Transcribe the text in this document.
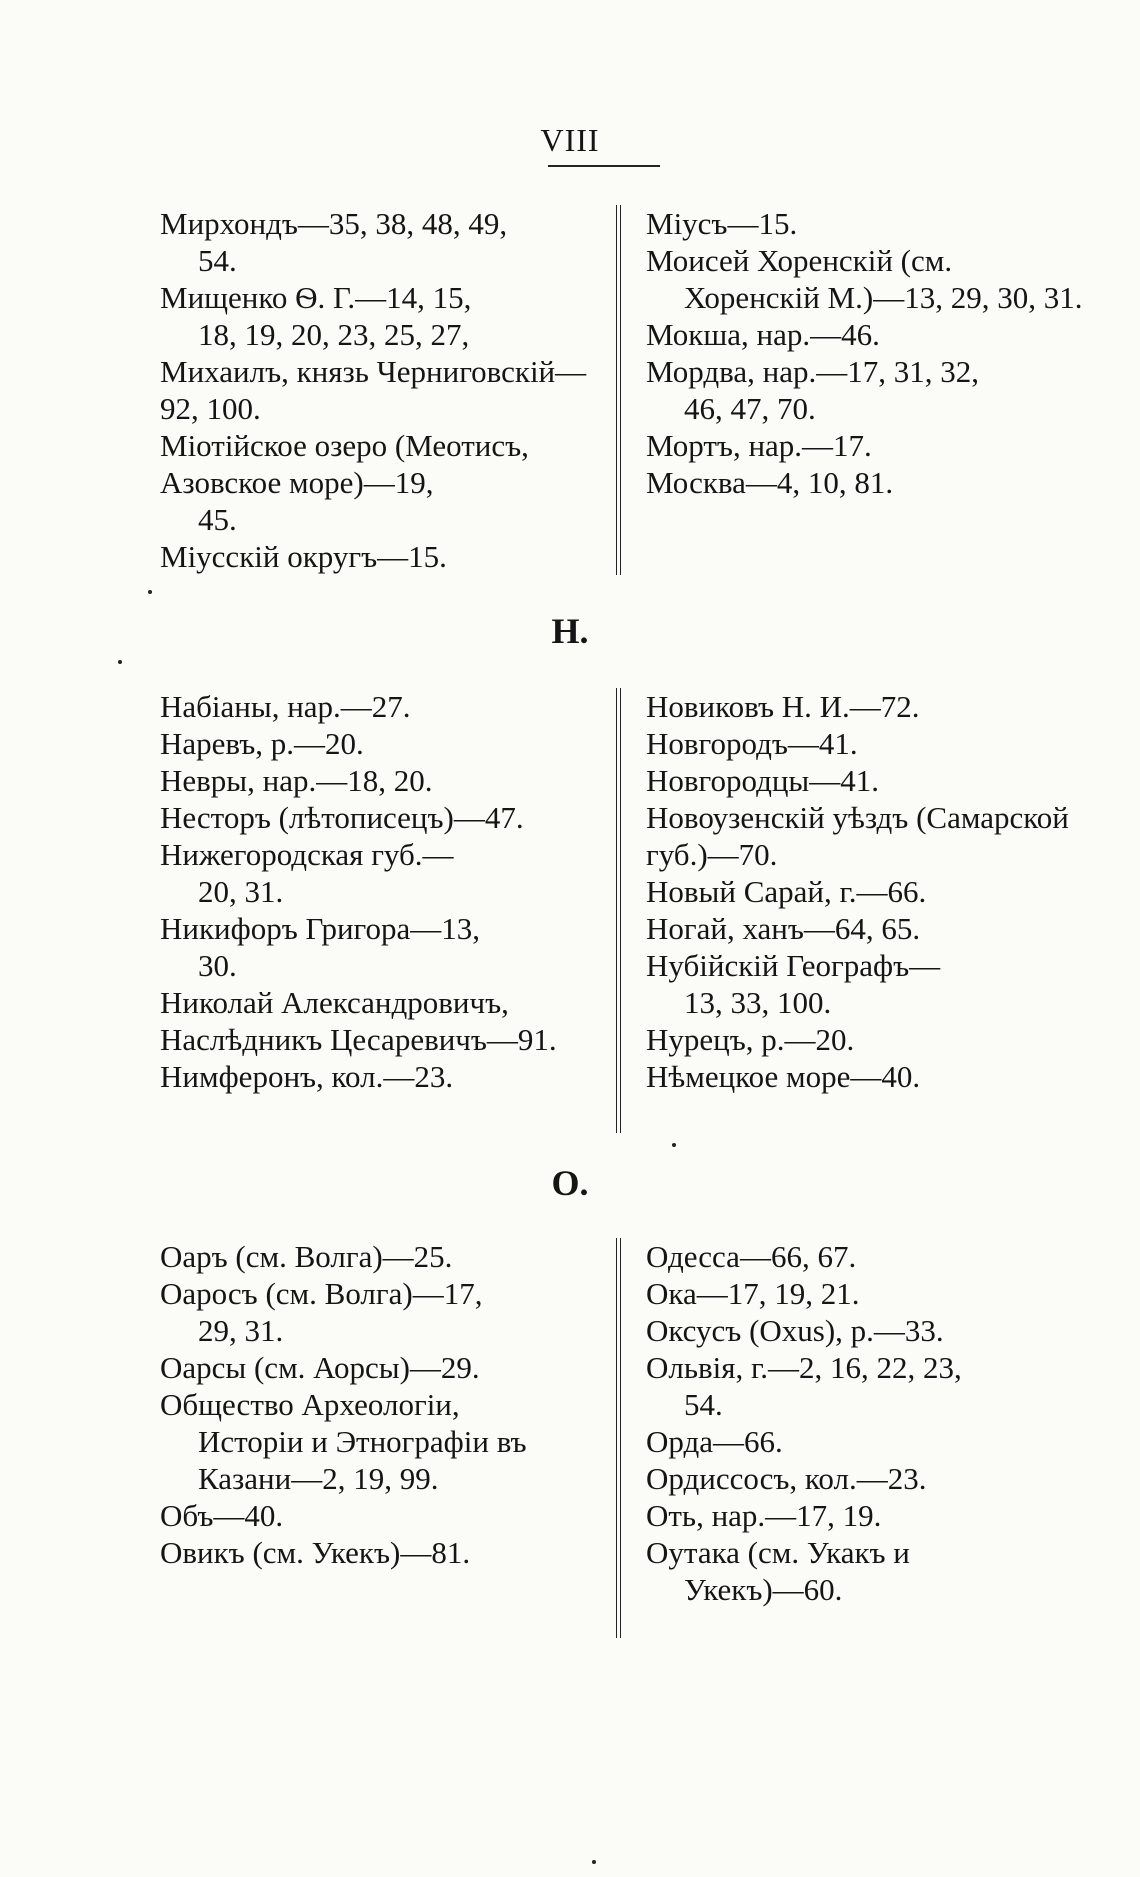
VIII
Мирхондъ—35, 38, 48, 49,
54.
Мищенко Ѳ. Г.—14, 15,
18, 19, 20, 23, 25, 27,
Михаилъ, князь Черниговскій—92, 100.
Міотійское озеро (Меотисъ, Азовское море)—19,
45.
Міусскій округъ—15.
Міусъ—15.
Моисей Хоренскій (см.
Хоренскій М.)—13, 29, 30, 31.
Мокша, нар.—46.
Мордва, нар.—17, 31, 32,
46, 47, 70.
Мортъ, нар.—17.
Москва—4, 10, 81.
Н.
Набіаны, нар.—27.
Наревъ, р.—20.
Невры, нар.—18, 20.
Несторъ (лѣтописецъ)—47.
Нижегородская губ.—
20, 31.
Никифоръ Григора—13,
30.
Николай Александровичъ, Наслѣдникъ Цесаревичъ—91.
Нимферонъ, кол.—23.
Новиковъ Н. И.—72.
Новгородъ—41.
Новгородцы—41.
Новоузенскій уѣздъ (Самарской губ.)—70.
Новый Сарай, г.—66.
Ногай, ханъ—64, 65.
Нубійскій Географъ—
13, 33, 100.
Нурецъ, р.—20.
Нѣмецкое море—40.
О.
Оаръ (см. Волга)—25.
Оаросъ (см. Волга)—17,
29, 31.
Оарсы (см. Аорсы)—29.
Общество Археологіи,
Исторіи и Этнографіи въ Казани—2, 19, 99.
Объ—40.
Овикъ (см. Укекъ)—81.
Одесса—66, 67.
Ока—17, 19, 21.
Оксусъ (Oxus), р.—33.
Ольвія, г.—2, 16, 22, 23,
54.
Орда—66.
Ордиссосъ, кол.—23.
Оть, нар.—17, 19.
Оутака (см. Укакъ и
Укекъ)—60.
